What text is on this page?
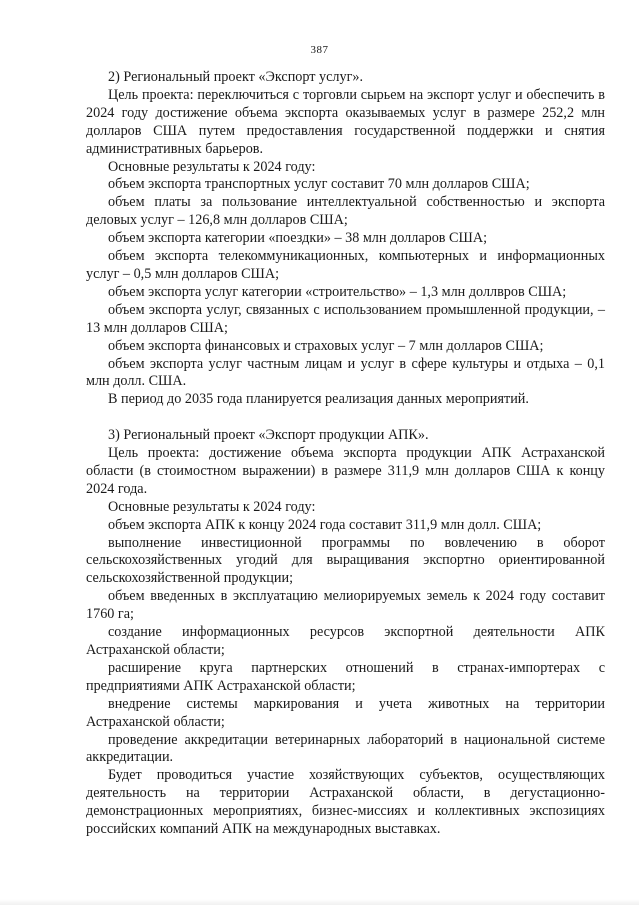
387

2) Региональный проект «Экспорт услуг».

Цель проекта: переключиться с торговли сырьем на экспорт услуг и обеспечить в 2024 году достижение объема экспорта оказываемых услуг в размере 252,2 млн долларов США путем предоставления государственной поддержки и снятия административных барьеров.

Основные результаты к 2024 году:

объем экспорта транспортных услуг составит 70 млн долларов США;

объем платы за пользование интеллектуальной собственностью и экспорта деловых услуг – 126,8 млн долларов США;

объем экспорта категории «поездки» – 38 млн долларов США;

объем экспорта телекоммуникационных, компьютерных и информационных услуг – 0,5 млн долларов США;

объем экспорта услуг категории «строительство» – 1,3 млн доллвров США;

объем экспорта услуг, связанных с использованием промышленной продукции, – 13 млн долларов США;

объем экспорта финансовых и страховых услуг – 7 млн долларов США;

объем экспорта услуг частным лицам и услуг в сфере культуры и отдыха – 0,1 млн долл. США.

В период до 2035 года планируется реализация данных мероприятий.

3) Региональный проект «Экспорт продукции АПК».

Цель проекта: достижение объема экспорта продукции АПК Астраханской области (в стоимостном выражении) в размере 311,9 млн долларов США к концу 2024 года.

Основные результаты к 2024 году:

объем экспорта АПК к концу 2024 года составит 311,9 млн долл. США;

выполнение инвестиционной программы по вовлечению в оборот сельскохозяйственных угодий для выращивания экспортно ориентированной сельскохозяйственной продукции;

объем введенных в эксплуатацию мелиорируемых земель к 2024 году составит 1760 га;

создание информационных ресурсов экспортной деятельности АПК Астраханской области;

расширение круга партнерских отношений в странах-импортерах с предприятиями АПК Астраханской области;

внедрение системы маркирования и учета животных на территории Астраханской области;

проведение аккредитации ветеринарных лабораторий в национальной системе аккредитации.

Будет проводиться участие хозяйствующих субъектов, осуществляющих деятельность на территории Астраханской области, в дегустационно-демонстрационных мероприятиях, бизнес-миссиях и коллективных экспозициях российских компаний АПК на международных выставках.
